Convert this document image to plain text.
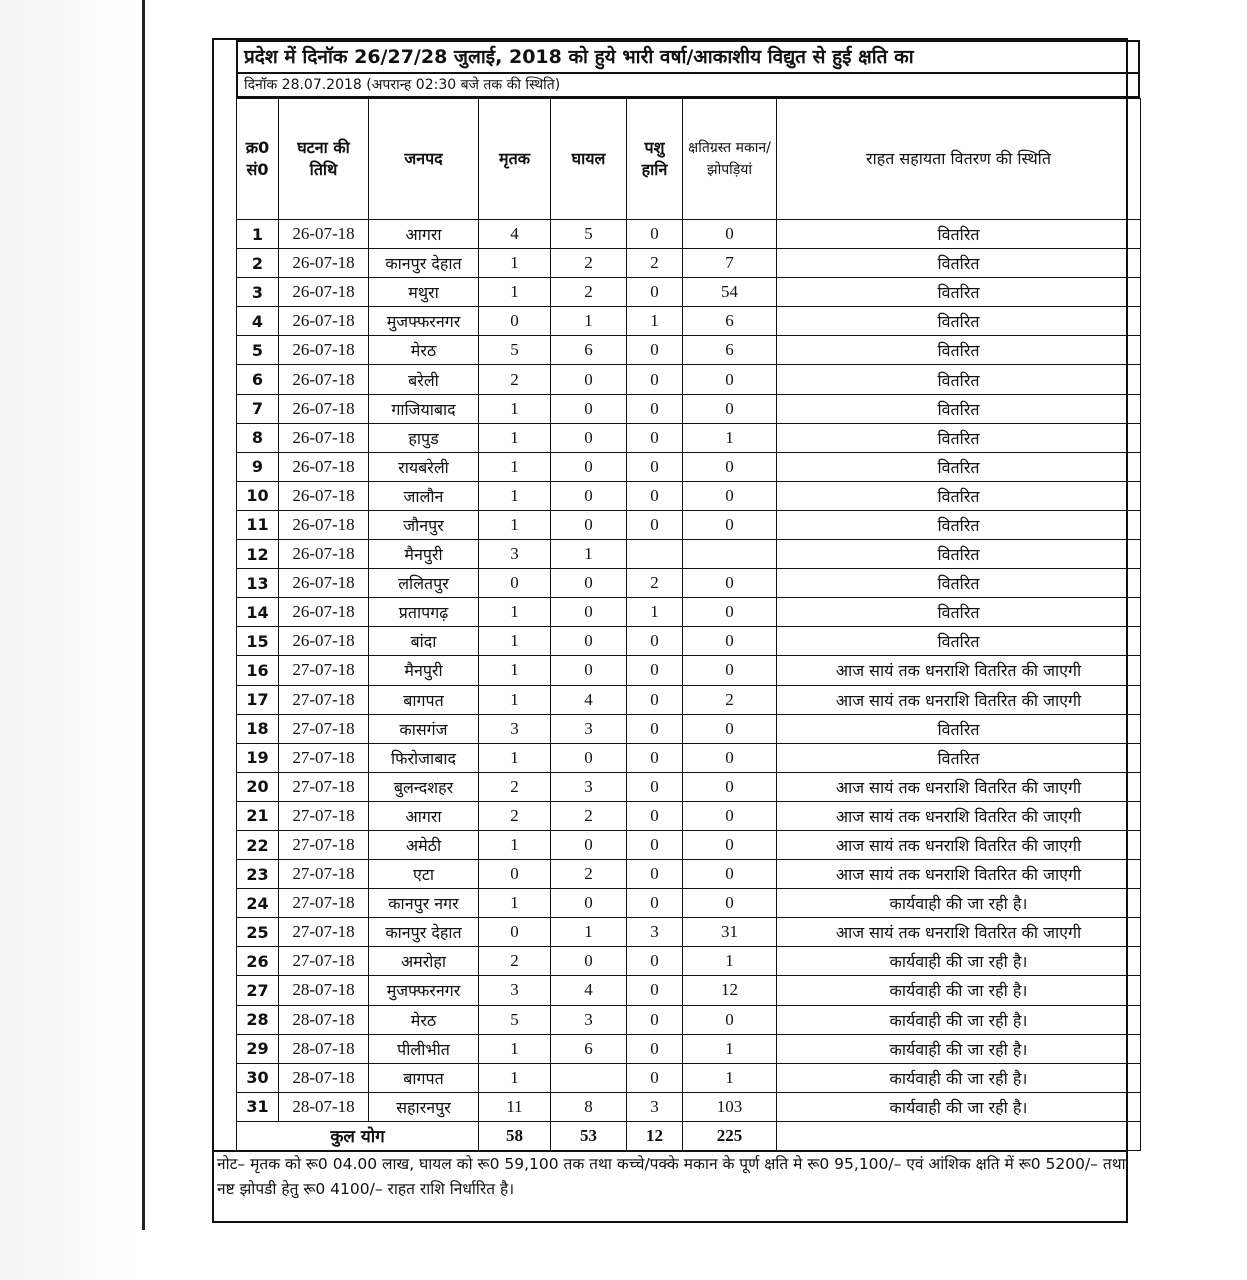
प्रदेश में दिनॉक 26/27/28 जुलाई, 2018 को हुये भारी वर्षा/आकाशीय विद्युत से हुई क्षति का
दिनॉक 28.07.2018 (अपरान्ह 02:30 बजे तक की स्थिति)
क्र0 सं0	घटना की तिथि	जनपद	मृतक	घायल	पशु हानि	क्षतिग्रस्त मकान/ झोपड़ियां	राहत सहायता वितरण की स्थिति
1	26-07-18	आगरा	4	5	0	0	वितरित
2	26-07-18	कानपुर देहात	1	2	2	7	वितरित
3	26-07-18	मथुरा	1	2	0	54	वितरित
4	26-07-18	मुजफ्फरनगर	0	1	1	6	वितरित
5	26-07-18	मेरठ	5	6	0	6	वितरित
6	26-07-18	बरेली	2	0	0	0	वितरित
7	26-07-18	गाजियाबाद	1	0	0	0	वितरित
8	26-07-18	हापुड	1	0	0	1	वितरित
9	26-07-18	रायबरेली	1	0	0	0	वितरित
10	26-07-18	जालौन	1	0	0	0	वितरित
11	26-07-18	जौनपुर	1	0	0	0	वितरित
12	26-07-18	मैनपुरी	3	1			वितरित
13	26-07-18	ललितपुर	0	0	2	0	वितरित
14	26-07-18	प्रतापगढ़	1	0	1	0	वितरित
15	26-07-18	बांदा	1	0	0	0	वितरित
16	27-07-18	मैनपुरी	1	0	0	0	आज सायं तक धनराशि वितरित की जाएगी
17	27-07-18	बागपत	1	4	0	2	आज सायं तक धनराशि वितरित की जाएगी
18	27-07-18	कासगंज	3	3	0	0	वितरित
19	27-07-18	फिरोजाबाद	1	0	0	0	वितरित
20	27-07-18	बुलन्दशहर	2	3	0	0	आज सायं तक धनराशि वितरित की जाएगी
21	27-07-18	आगरा	2	2	0	0	आज सायं तक धनराशि वितरित की जाएगी
22	27-07-18	अमेठी	1	0	0	0	आज सायं तक धनराशि वितरित की जाएगी
23	27-07-18	एटा	0	2	0	0	आज सायं तक धनराशि वितरित की जाएगी
24	27-07-18	कानपुर नगर	1	0	0	0	कार्यवाही की जा रही है।
25	27-07-18	कानपुर देहात	0	1	3	31	आज सायं तक धनराशि वितरित की जाएगी
26	27-07-18	अमरोहा	2	0	0	1	कार्यवाही की जा रही है।
27	28-07-18	मुजफ्फरनगर	3	4	0	12	कार्यवाही की जा रही है।
28	28-07-18	मेरठ	5	3	0	0	कार्यवाही की जा रही है।
29	28-07-18	पीलीभीत	1	6	0	1	कार्यवाही की जा रही है।
30	28-07-18	बागपत	1		0	1	कार्यवाही की जा रही है।
31	28-07-18	सहारनपुर	11	8	3	103	कार्यवाही की जा रही है।
कुल योग			58	53	12	225	
नोट– मृतक को रू0 04.00 लाख, घायल को रू0 59,100 तक तथा कच्चे/पक्के मकान के पूर्ण क्षति मे रू0 95,100/– एवं आंशिक क्षति में रू0 5200/– तथा नष्ट झोपडी हेतु रू0 4100/– राहत राशि निर्धारित है।
